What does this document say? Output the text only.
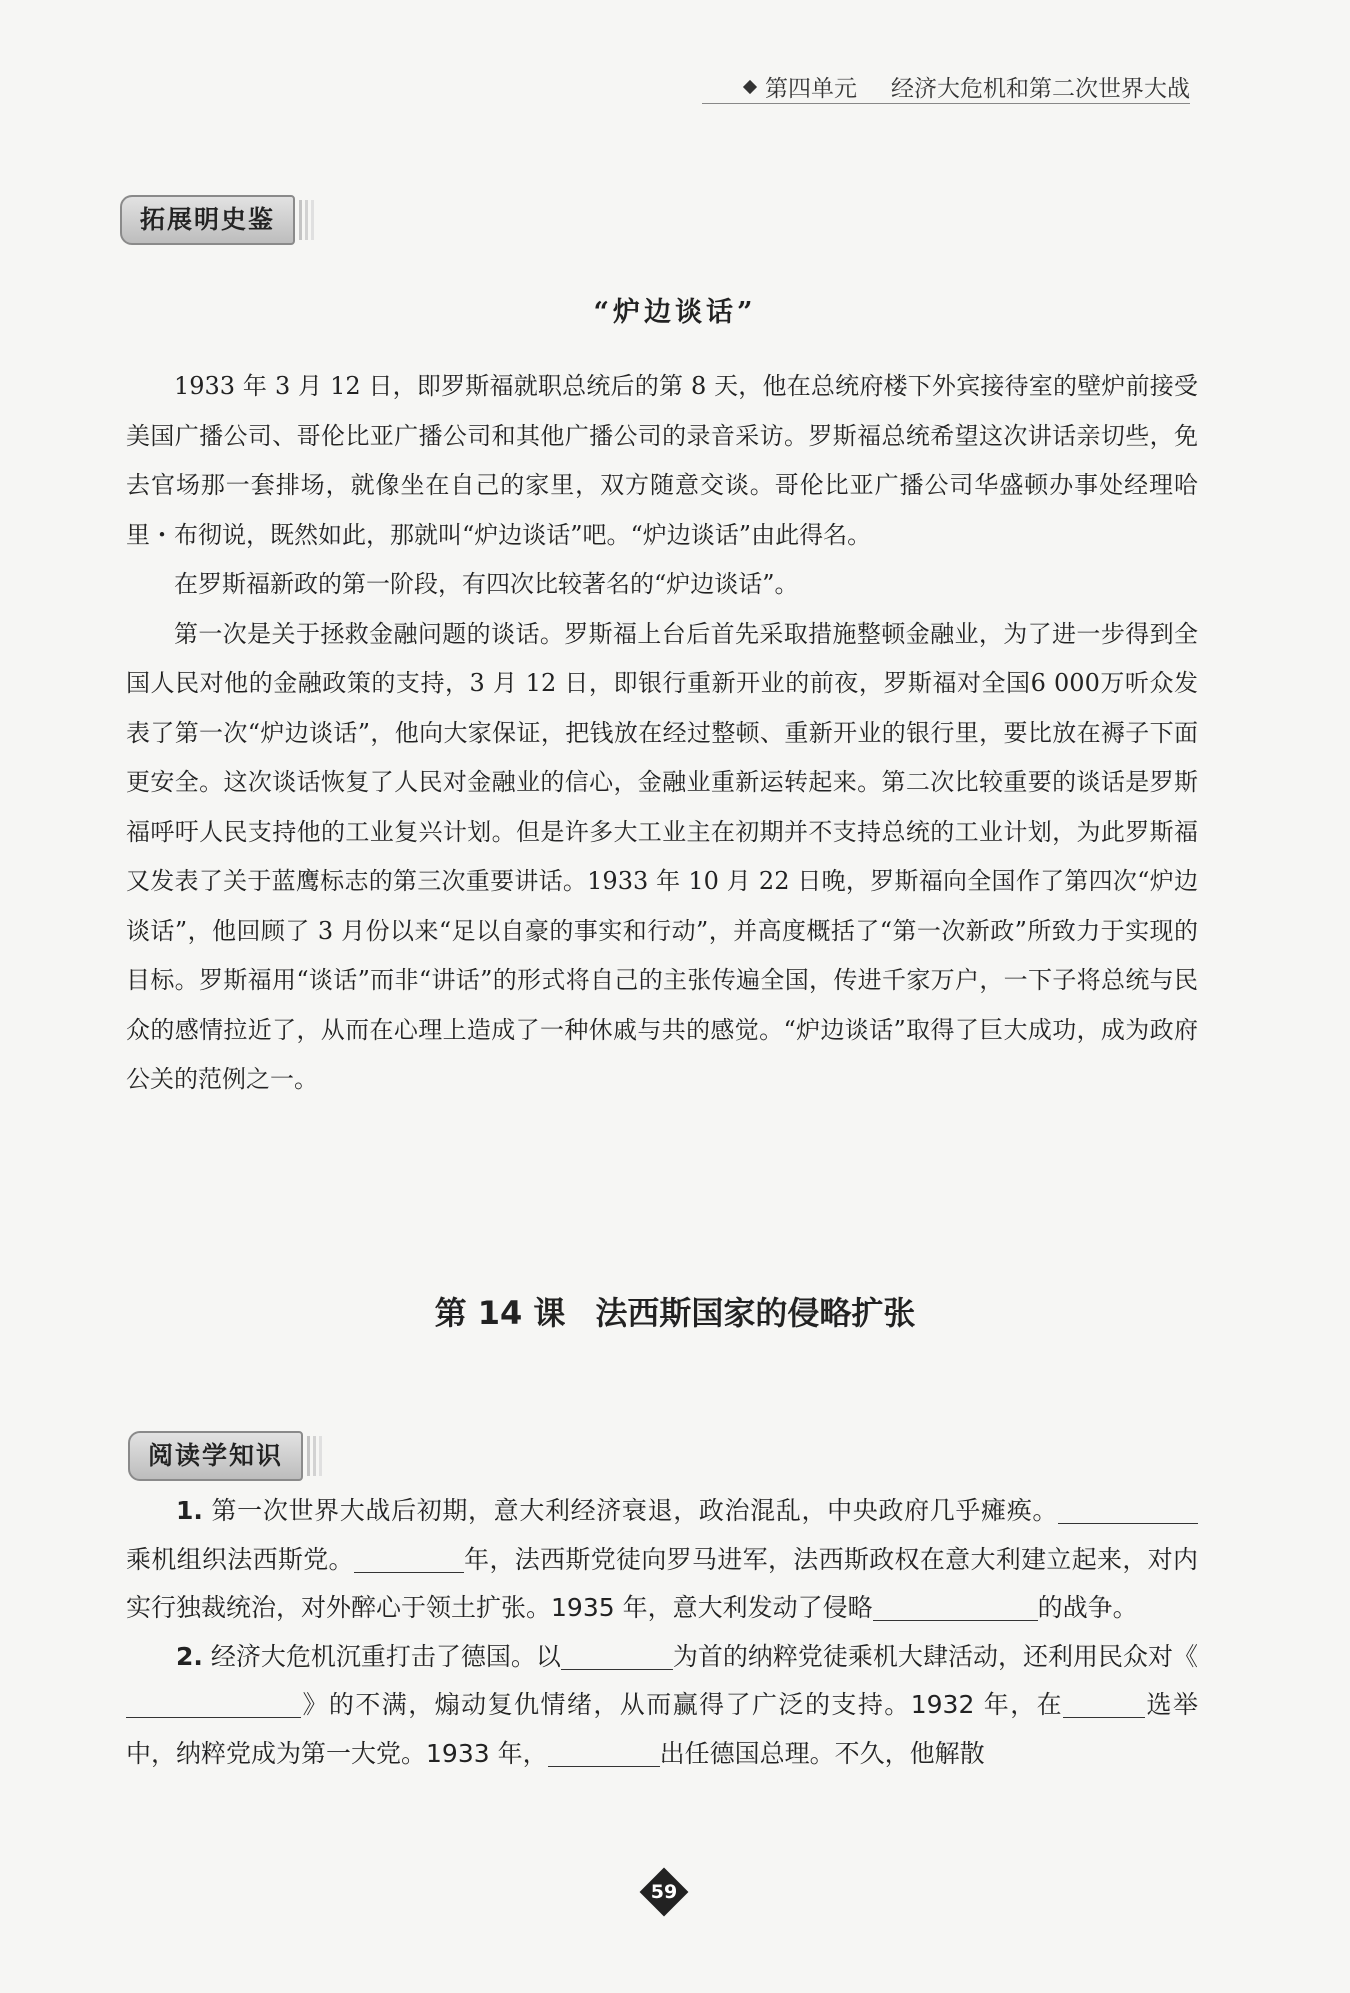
第四单元 经济大危机和第二次世界大战
拓展明史鉴
“炉边谈话”

1933 年 3 月 12 日，即罗斯福就职总统后的第 8 天，他在总统府楼下外宾接待室的壁炉前接受美国广播公司、哥伦比亚广播公司和其他广播公司的录音采访。罗斯福总统希望这次讲话亲切些，免去官场那一套排场，就像坐在自己的家里，双方随意交谈。哥伦比亚广播公司华盛顿办事处经理哈里・布彻说，既然如此，那就叫“炉边谈话”吧。“炉边谈话”由此得名。

在罗斯福新政的第一阶段，有四次比较著名的“炉边谈话”。

第一次是关于拯救金融问题的谈话。罗斯福上台后首先采取措施整顿金融业，为了进一步得到全国人民对他的金融政策的支持，3 月 12 日，即银行重新开业的前夜，罗斯福对全国6 000万听众发表了第一次“炉边谈话”，他向大家保证，把钱放在经过整顿、重新开业的银行里，要比放在褥子下面更安全。这次谈话恢复了人民对金融业的信心，金融业重新运转起来。第二次比较重要的谈话是罗斯福呼吁人民支持他的工业复兴计划。但是许多大工业主在初期并不支持总统的工业计划，为此罗斯福又发表了关于蓝鹰标志的第三次重要讲话。1933 年 10 月 22 日晚，罗斯福向全国作了第四次“炉边谈话”，他回顾了 3 月份以来“足以自豪的事实和行动”，并高度概括了“第一次新政”所致力于实现的目标。罗斯福用“谈话”而非“讲话”的形式将自己的主张传遍全国，传进千家万户，一下子将总统与民众的感情拉近了，从而在心理上造成了一种休戚与共的感觉。“炉边谈话”取得了巨大成功，成为政府公关的范例之一。

第 14 课 法西斯国家的侵略扩张
阅读学知识

1. 第一次世界大战后初期，意大利经济衰退，政治混乱，中央政府几乎瘫痪。乘机组织法西斯党。	年，法西斯党徒向罗马进军，法西斯政权在意大利建立起来，对内实行独裁统治，对外醉心于领土扩张。1935 年，意大利发动了侵略	的战争。

2. 经济大危机沉重打击了德国。以	为首的纳粹党徒乘机大肆活动，还利用民众对《》的不满，煽动复仇情绪，从而赢得了广泛的支持。1932 年，在	选举中，纳粹党成为第一大党。1933 年，	出任德国总理。不久，他解散

59
